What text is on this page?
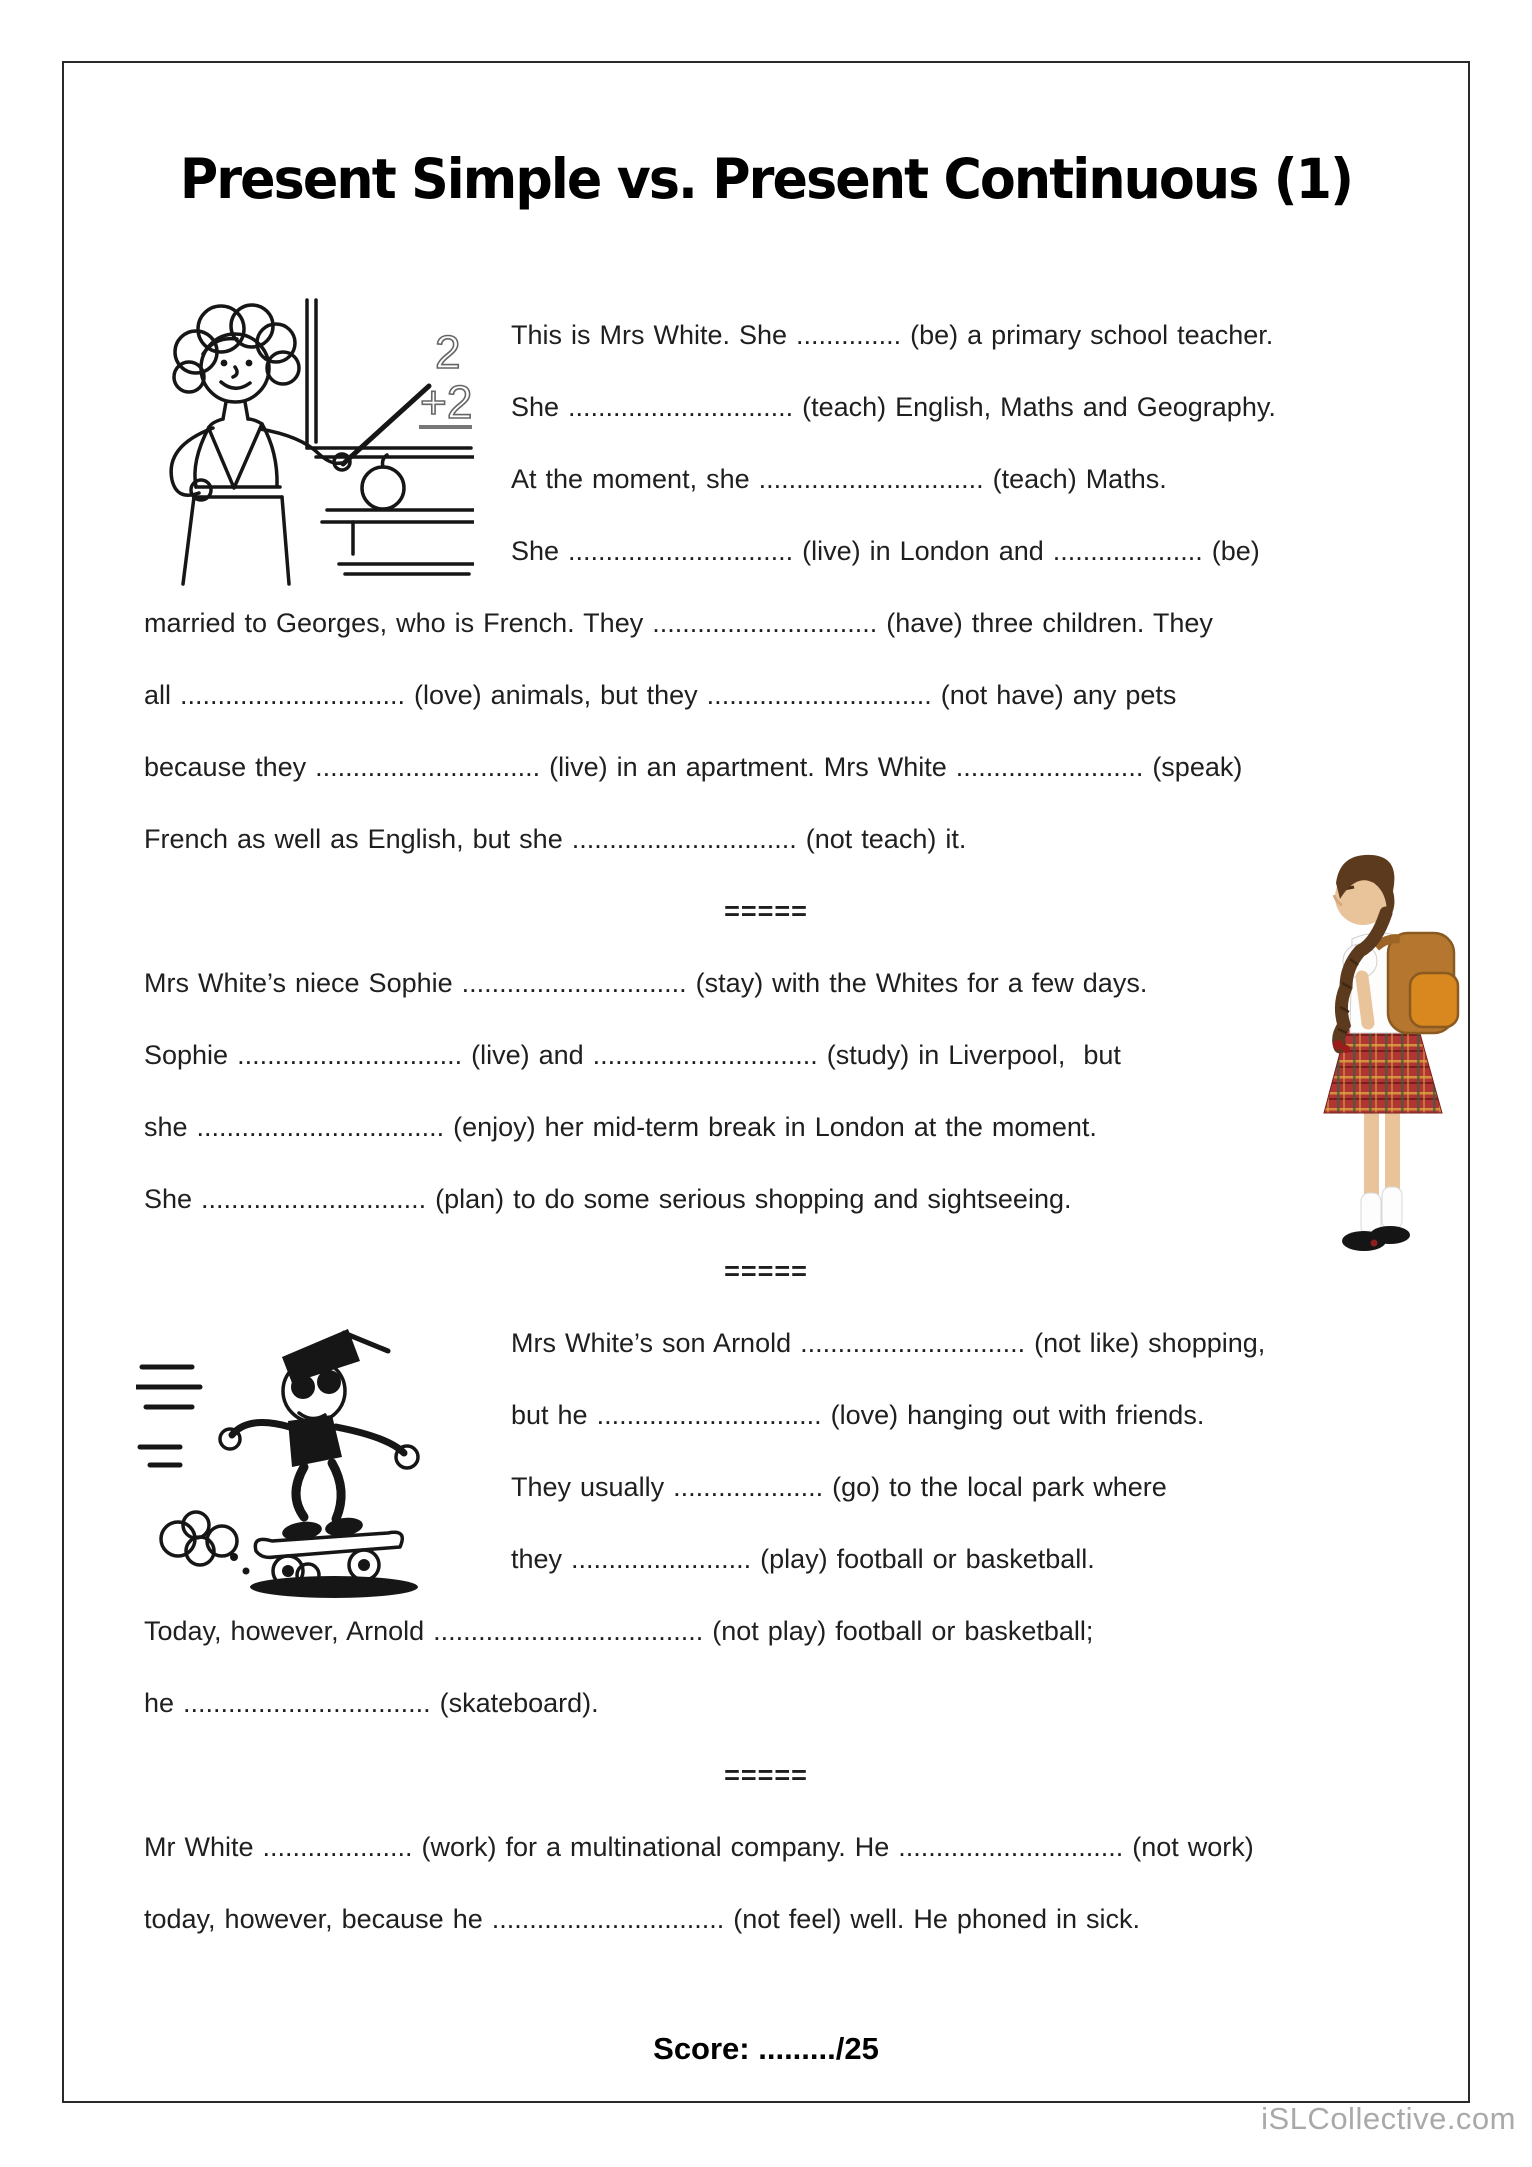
Present Simple vs. Present Continuous (1)
2
+2
This is Mrs White. She .............. (be) a primary school teacher.
She .............................. (teach) English, Maths and Geography.
At the moment, she .............................. (teach) Maths.
She .............................. (live) in London and .................... (be)
married to Georges, who is French. They .............................. (have) three children. They
all .............................. (love) animals, but they .............................. (not have) any pets
because they .............................. (live) in an apartment. Mrs White ......................... (speak)
French as well as English, but she .............................. (not teach) it.
=====
Mrs White’s niece Sophie .............................. (stay) with the Whites for a few days.
Sophie .............................. (live) and .............................. (study) in Liverpool,  but
she ................................. (enjoy) her mid-term break in London at the moment.
She .............................. (plan) to do some serious shopping and sightseeing.
=====
Mrs White’s son Arnold .............................. (not like) shopping,
but he .............................. (love) hanging out with friends.
They usually .................... (go) to the local park where
they ........................ (play) football or basketball.
Today, however, Arnold .................................... (not play) football or basketball;
he ................................. (skateboard).
=====
Mr White .................... (work) for a multinational company. He .............................. (not work)
today, however, because he ............................... (not feel) well. He phoned in sick.
Score: ........./25
iSLCollective.com
